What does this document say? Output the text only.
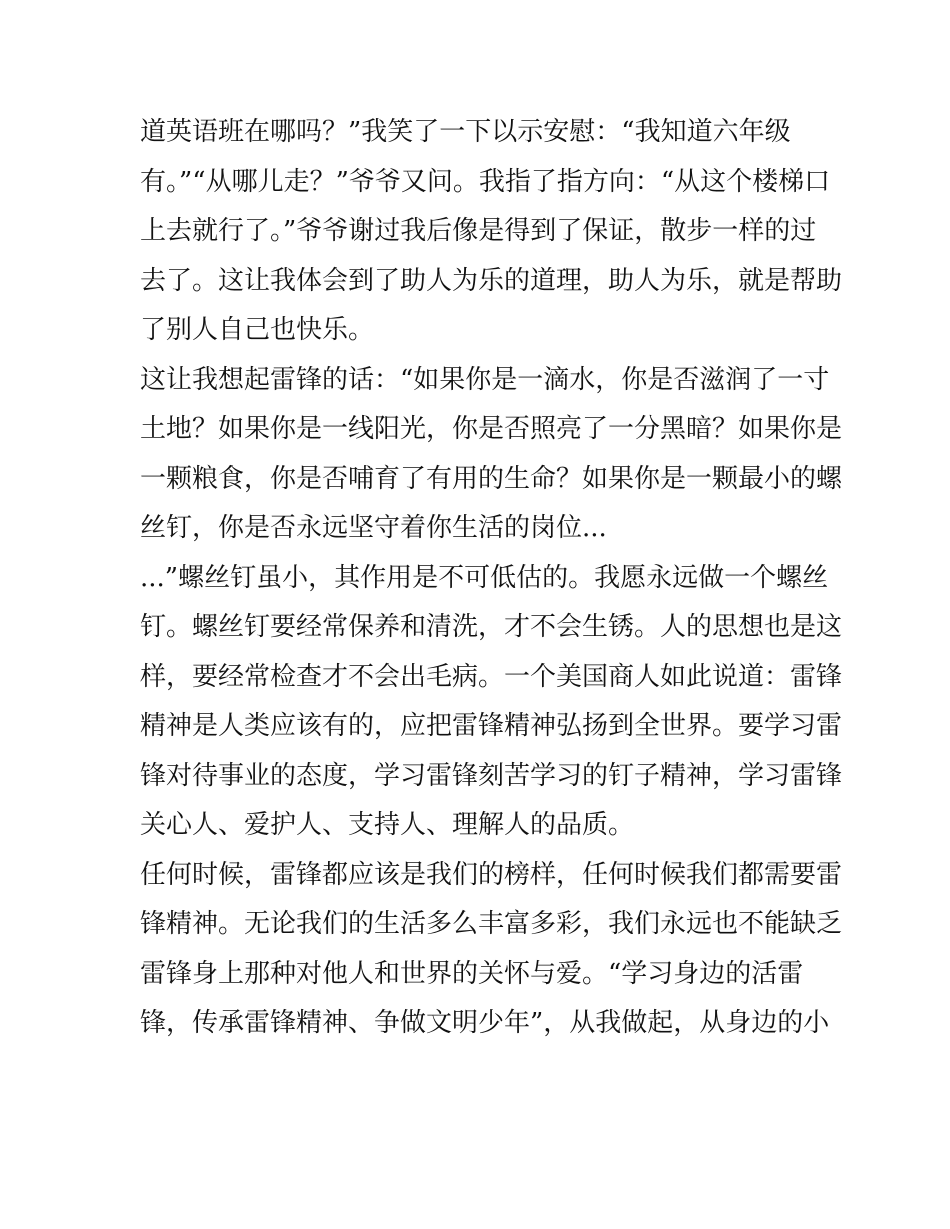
道英语班在哪吗？”我笑了一下以示安慰：“我知道六年级
有。”“从哪儿走？”爷爷又问。我指了指方向：“从这个楼梯口
上去就行了。”爷爷谢过我后像是得到了保证，散步一样的过
去了。这让我体会到了助人为乐的道理，助人为乐，就是帮助
了别人自己也快乐。
这让我想起雷锋的话：“如果你是一滴水，你是否滋润了一寸
土地？如果你是一线阳光，你是否照亮了一分黑暗？如果你是
一颗粮食，你是否哺育了有用的生命？如果你是一颗最小的螺
丝钉，你是否永远坚守着你生活的岗位...
...”螺丝钉虽小，其作用是不可低估的。我愿永远做一个螺丝
钉。螺丝钉要经常保养和清洗，才不会生锈。人的思想也是这
样，要经常检查才不会出毛病。一个美国商人如此说道：雷锋
精神是人类应该有的，应把雷锋精神弘扬到全世界。要学习雷
锋对待事业的态度，学习雷锋刻苦学习的钉子精神，学习雷锋
关心人、爱护人、支持人、理解人的品质。
任何时候，雷锋都应该是我们的榜样，任何时候我们都需要雷
锋精神。无论我们的生活多么丰富多彩，我们永远也不能缺乏
雷锋身上那种对他人和世界的关怀与爱。“学习身边的活雷
锋，传承雷锋精神、争做文明少年”，从我做起，从身边的小
